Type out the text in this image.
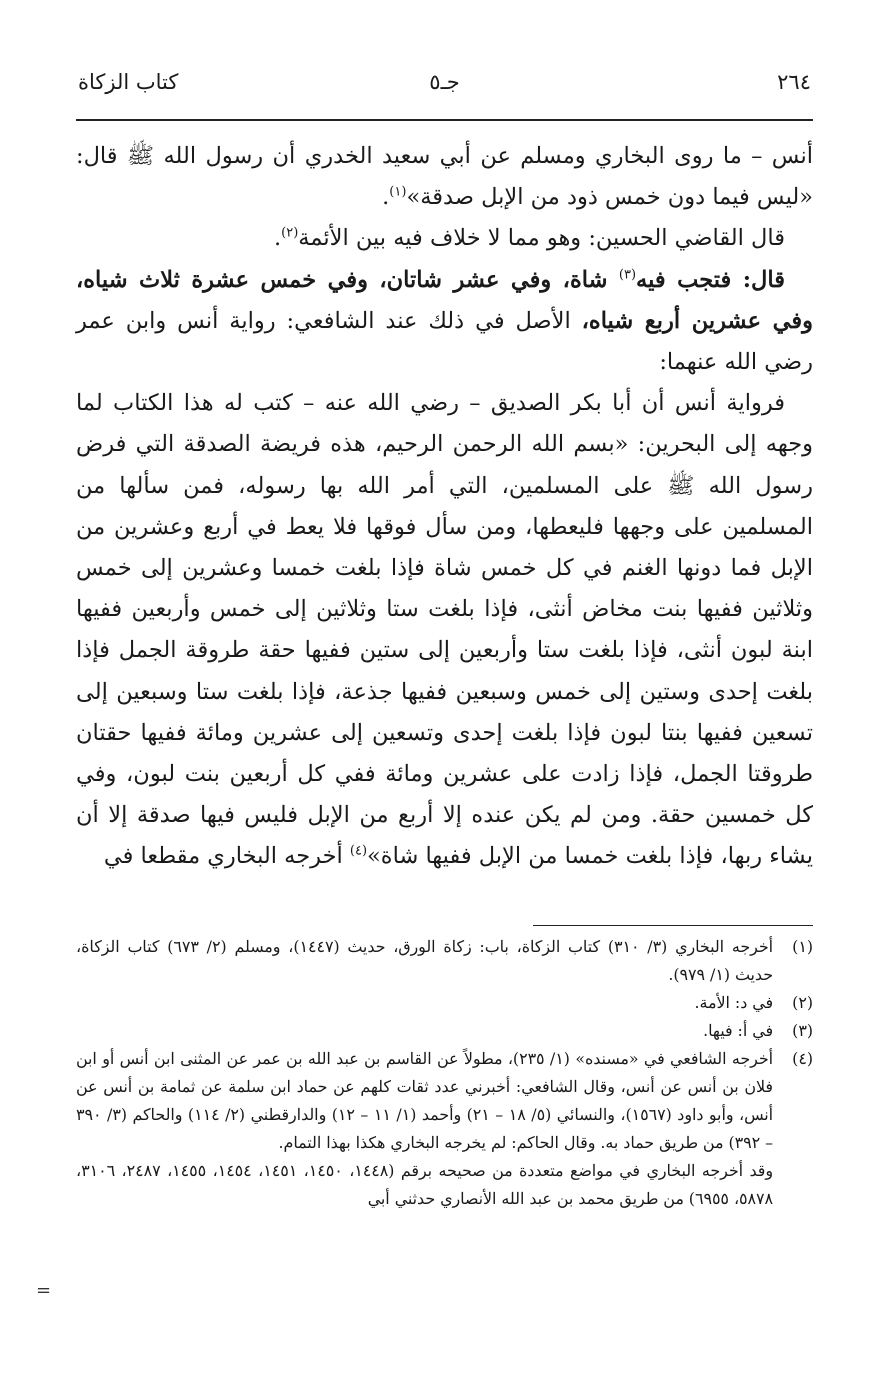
٢٦٤
جـ٥
كتاب الزكاة

أنس – ما روى البخاري ومسلم عن أبي سعيد الخدري أن رسول الله ﷺ قال: «ليس فيما دون خمس ذود من الإبل صدقة»$^{(١)}$.

قال القاضي الحسين: وهو مما لا خلاف فيه بين الأئمة$^{(٢)}$.

قال: فتجب فيه$^{(٣)}$ شاة، وفي عشر شاتان، وفي خمس عشرة ثلاث شياه، وفي عشرين أربع شياه، الأصل في ذلك عند الشافعي: رواية أنس وابن عمر رضي الله عنهما:

فرواية أنس أن أبا بكر الصديق – رضي الله عنه – كتب له هذا الكتاب لما وجهه إلى البحرين: «بسم الله الرحمن الرحيم، هذه فريضة الصدقة التي فرض رسول الله ﷺ على المسلمين، التي أمر الله بها رسوله، فمن سألها من المسلمين على وجهها فليعطها، ومن سأل فوقها فلا يعط في أربع وعشرين من الإبل فما دونها الغنم في كل خمس شاة فإذا بلغت خمسا وعشرين إلى خمس وثلاثين ففيها بنت مخاض أنثى، فإذا بلغت ستا وثلاثين إلى خمس وأربعين ففيها ابنة لبون أنثى، فإذا بلغت ستا وأربعين إلى ستين ففيها حقة طروقة الجمل فإذا بلغت إحدى وستين إلى خمس وسبعين ففيها جذعة، فإذا بلغت ستا وسبعين إلى تسعين ففيها بنتا لبون فإذا بلغت إحدى وتسعين إلى عشرين ومائة ففيها حقتان طروقتا الجمل، فإذا زادت على عشرين ومائة ففي كل أربعين بنت لبون، وفي كل خمسين حقة. ومن لم يكن عنده إلا أربع من الإبل فليس فيها صدقة إلا أن يشاء ربها، فإذا بلغت خمسا من الإبل ففيها شاة»$^{(٤)}$ أخرجه البخاري مقطعا في

(١)
أخرجه البخاري (٣/ ٣١٠) كتاب الزكاة، باب: زكاة الورق، حديث (١٤٤٧)، ومسلم (٢/ ٦٧٣) كتاب الزكاة، حديث (١/ ٩٧٩).
(٢)
في د: الأمة.
(٣)
في أ: فيها.
(٤)
أخرجه الشافعي في «مسنده» (١/ ٢٣٥)، مطولاً عن القاسم بن عبد الله بن عمر عن المثنى ابن أنس أو ابن فلان بن أنس عن أنس، وقال الشافعي: أخبرني عدد ثقات كلهم عن حماد ابن سلمة عن ثمامة بن أنس عن أنس، وأبو داود (١٥٦٧)، والنسائي (٥/ ١٨ – ٢١) وأحمد (١/ ١١ – ١٢) والدارقطني (٢/ ١١٤) والحاكم (٣/ ٣٩٠ – ٣٩٢) من طريق حماد به. وقال الحاكم: لم يخرجه البخاري هكذا بهذا التمام.
وقد أخرجه البخاري في مواضع متعددة من صحيحه برقم (١٤٤٨، ١٤٥٠، ١٤٥١، ١٤٥٤، ١٤٥٥، ٢٤٨٧، ٣١٠٦، ٥٨٧٨، ٦٩٥٥) من طريق محمد بن عبد الله الأنصاري حدثني أبي
=
